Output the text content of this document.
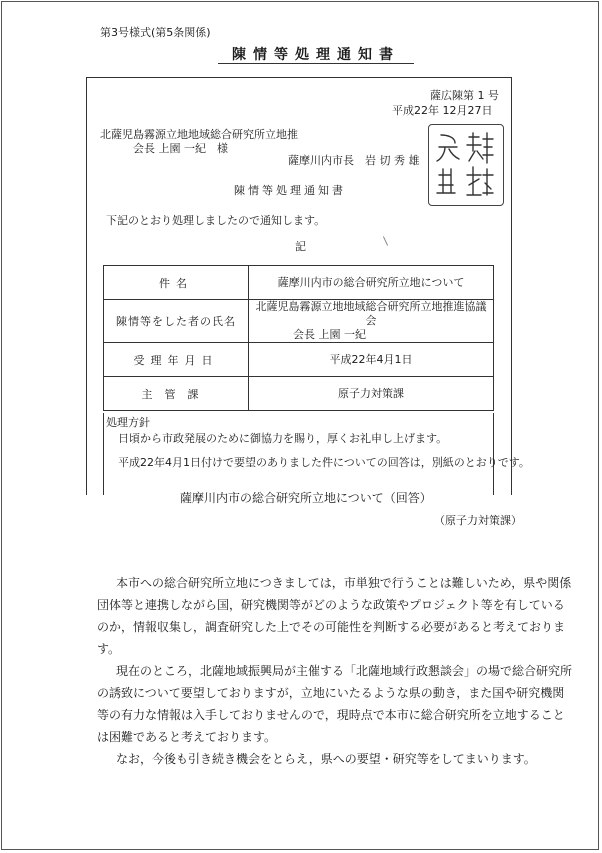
第3号様式(第5条関係)
陳情等処理通知書
薩広陳第 1 号
平成22年 12月27日
北薩児島霧源立地地域総合研究所立地推
会長 上園 一紀　様
薩摩川内市長　岩 切 秀 雄
陳情等処理通知書
下記のとおり処理しましたので通知します。
記
件名	薩摩川内市の総合研究所立地について
陳情等をした者の氏名	北薩児島霧源立地地域総合研究所立地推進協議会
会長 上園 一紀

受理年月日	平成22年4月1日
主管課	原子力対策課
処理方針
日頃から市政発展のために御協力を賜り，厚くお礼申し上げます。
平成22年4月1日付けで要望のありました件についての回答は，別紙のとおりです。
薩摩川内市の総合研究所立地について（回答）
（原子力対策課）
本市への総合研究所立地につきましては，市単独で行うことは難しいため，県や関係
団体等と連携しながら国，研究機関等がどのような政策やプロジェクト等を有している
のか，情報収集し，調査研究した上でその可能性を判断する必要があると考えておりま
す。
現在のところ，北薩地域振興局が主催する「北薩地域行政懇談会」の場で総合研究所
の誘致について要望しておりますが，立地にいたるような県の動き，また国や研究機関
等の有力な情報は入手しておりませんので，現時点で本市に総合研究所を立地すること
は困難であると考えております。
なお，今後も引き続き機会をとらえ，県への要望・研究等をしてまいります。
